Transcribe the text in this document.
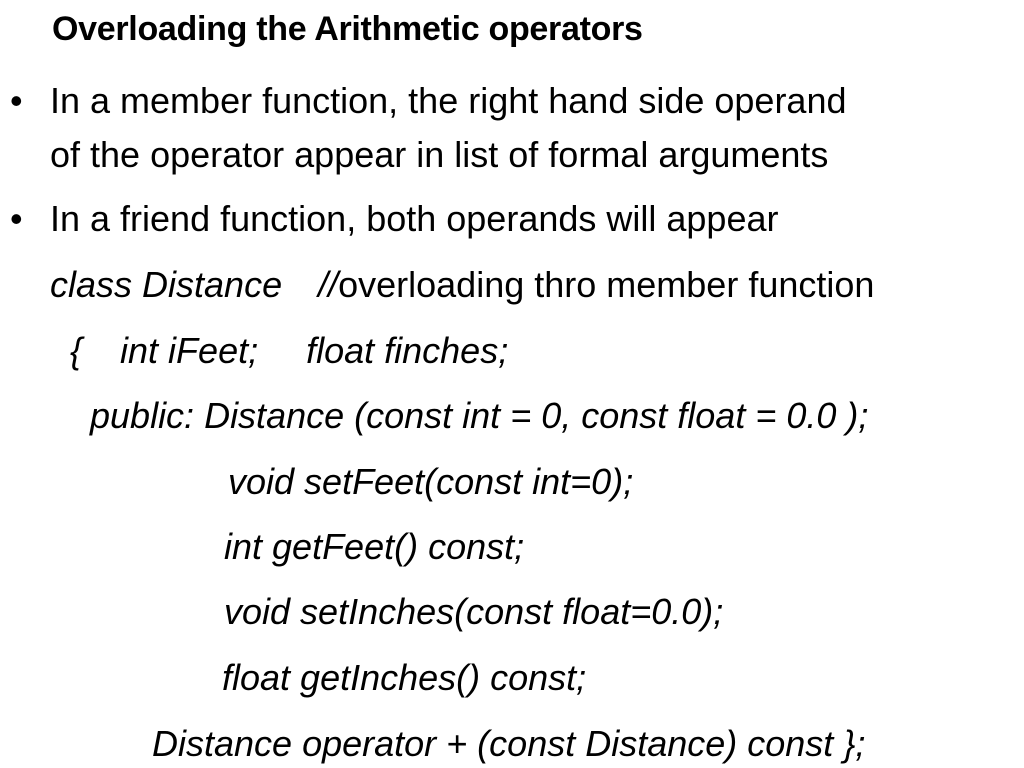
Overloading the Arithmetic operators
• In a member function, the right hand side operand
of the operator appear in list of formal arguments
• In a friend function, both operands will appear
class Distance //overloading thro member function
{ int iFeet; float finches;
public: Distance (const int = 0, const float = 0.0 );
void setFeet(const int=0);
int getFeet() const;
void setInches(const float=0.0);
float getInches() const;
Distance operator + (const Distance) const };
